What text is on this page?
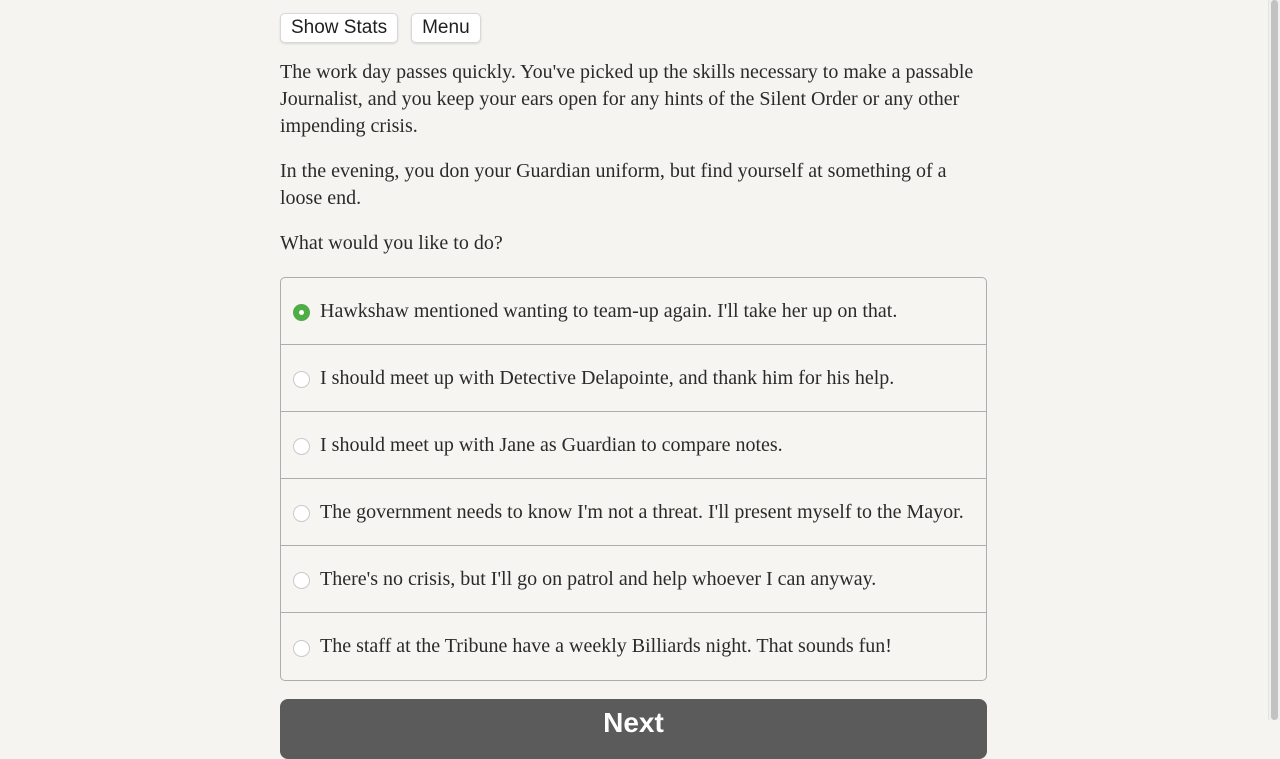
Show Stats	Menu

The work day passes quickly. You've picked up the skills necessary to make a passable Journalist, and you keep your ears open for any hints of the Silent Order or any other impending crisis.

In the evening, you don your Guardian uniform, but find yourself at something of a loose end.

What would you like to do?

Hawkshaw mentioned wanting to team-up again. I'll take her up on that.
I should meet up with Detective Delapointe, and thank him for his help.
I should meet up with Jane as Guardian to compare notes.
The government needs to know I'm not a threat. I'll present myself to the Mayor.
There's no crisis, but I'll go on patrol and help whoever I can anyway.
The staff at the Tribune have a weekly Billiards night. That sounds fun!
Next
